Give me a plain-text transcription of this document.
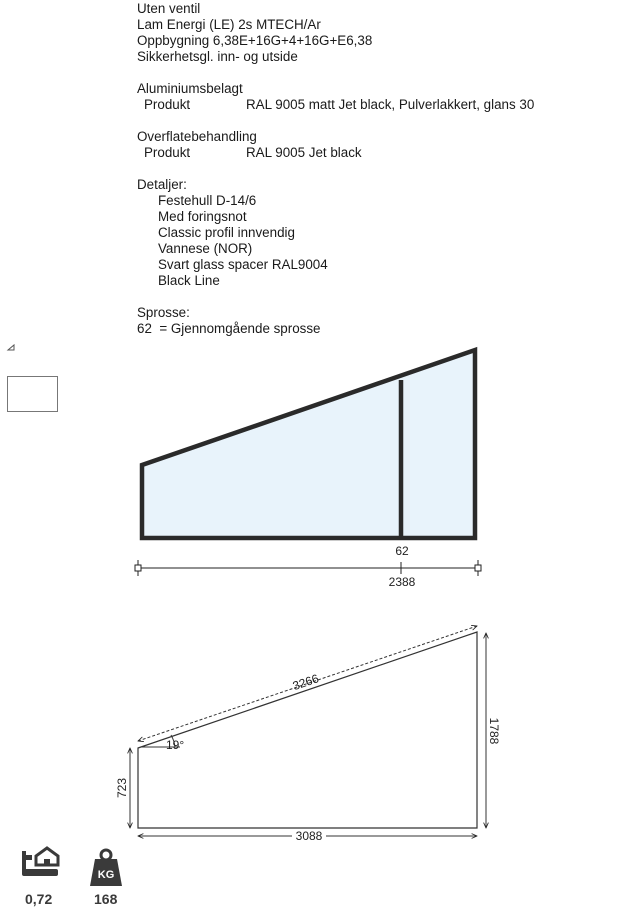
Uten ventil
Lam Energi (LE) 2s MTECH/Ar
Oppbygning 6,38E+16G+4+16G+E6,38
Sikkerhetsgl. inn- og utside
Aluminiumsbelagt
Produkt	RAL 9005 matt Jet black, Pulverlakkert, glans 30
Overflatebehandling
Produkt	RAL 9005 Jet black
Detaljer:
Festehull D-14/6
Med foringsnot
Classic profil innvendig
Vannese (NOR)
Svart glass spacer RAL9004
Black Line
Sprosse:
62  = Gjennomgående sprosse
62
2388
3266
19°
1788
723
3088
KG
0,72	168
